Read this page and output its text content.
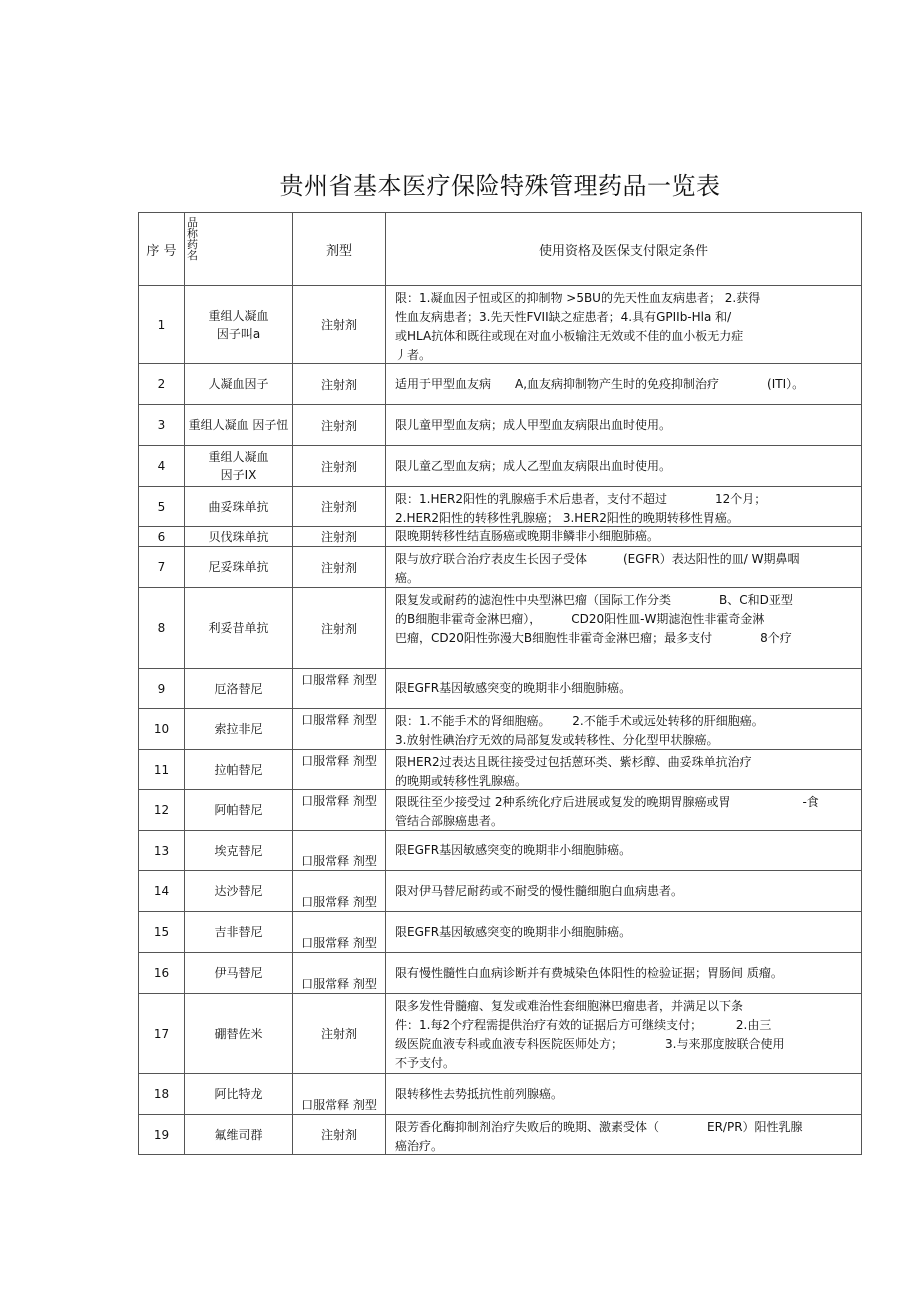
贵州省基本医疗保险特殊管理药品一览表
序 号	品
称
药
名	剂型	使用资格及医保支付限定条件
1	重组人凝血
因子叫a	注射剂	限：1.凝血因子忸或区的抑制物 >5BU的先天性血友病患者； 2.获得
性血友病患者；3.先天性FVII缺之症患者；4.具有GPIIb-Hla 和/
或HLA抗体和既往或现在对血小板输注无效或不佳的血小板无力症
丿者。

2	人凝血因子	注射剂	适用于甲型血友病　　A,血友病抑制物产生时的免疫抑制治疗　　　　(ITI）。

3	重组人凝血 因子忸	注射剂	限儿童甲型血友病；成人甲型血友病限出血时使用。

4	重组人凝血
因子IX	注射剂	限儿童乙型血友病；成人乙型血友病限出血时使用。

5	曲妥珠单抗	注射剂	限：1.HER2阳性的乳腺癌手术后患者，支付不超过　　　　12个月；
2.HER2阳性的转移性乳腺癌； 3.HER2阳性的晚期转移性胃癌。

6	贝伐珠单抗	注射剂	限晚期转移性结直肠癌或晚期非鳞非小细胞肺癌。

7	尼妥珠单抗	注射剂	限与放疗联合治疗表皮生长因子受体　　　(EGFR）表达阳性的皿/ W期鼻咽
癌。

8	利妥昔单抗	注射剂	限复发或耐药的滤泡性中央型淋巴瘤（国际工作分类　　　　B、C和D亚型
的B细胞非霍奇金淋巴瘤），　　　CD20阳性皿-W期滤泡性非霍奇金淋
巴瘤，CD20阳性弥漫大B细胞性非霍奇金淋巴瘤；最多支付　　　　8个疗

9	厄洛替尼	口服常释 剂型	限EGFR基因敏感突变的晚期非小细胞肺癌。

10	索拉非尼	口服常释 剂型	限：1.不能手术的肾细胞癌。　　 2.不能手术或远处转移的肝细胞癌。
3.放射性碘治疗无效的局部复发或转移性、分化型甲状腺癌。

11	拉帕替尼	口服常释 剂型	限HER2过表达且既往接受过包括蒽环类、紫杉醇、曲妥珠单抗治疗
的晚期或转移性乳腺癌。

12	阿帕替尼	口服常释 剂型	限既往至少接受过 2种系统化疗后进展或复发的晚期胃腺癌或胃　　　　　　-食
管结合部腺癌患者。

13	埃克替尼	口服常释 剂型	限EGFR基因敏感突变的晚期非小细胞肺癌。

14	达沙替尼	口服常释 剂型	限对伊马替尼耐药或不耐受的慢性髓细胞白血病患者。

15	吉非替尼	口服常释 剂型	限EGFR基因敏感突变的晚期非小细胞肺癌。

16	伊马替尼	口服常释 剂型	限有慢性髓性白血病诊断并有费城染色体阳性的检验证据；胃肠间 质瘤。

17	硼替佐米	注射剂	限多发性骨髓瘤、复发或难治性套细胞淋巴瘤患者，并满足以下条
件：1.每2个疗程需提供治疗有效的证据后方可继续支付；　　　 2.由三
级医院血液专科或血液专科医院医师处方；　　　　3.与来那度胺联合使用
不予支付。

18	阿比特龙	口服常释 剂型	限转移性去势抵抗性前列腺癌。

19	氟维司群	注射剂	限芳香化酶抑制剂治疗失败后的晚期、激素受体（　　　　ER/PR）阳性乳腺
癌治疗。
